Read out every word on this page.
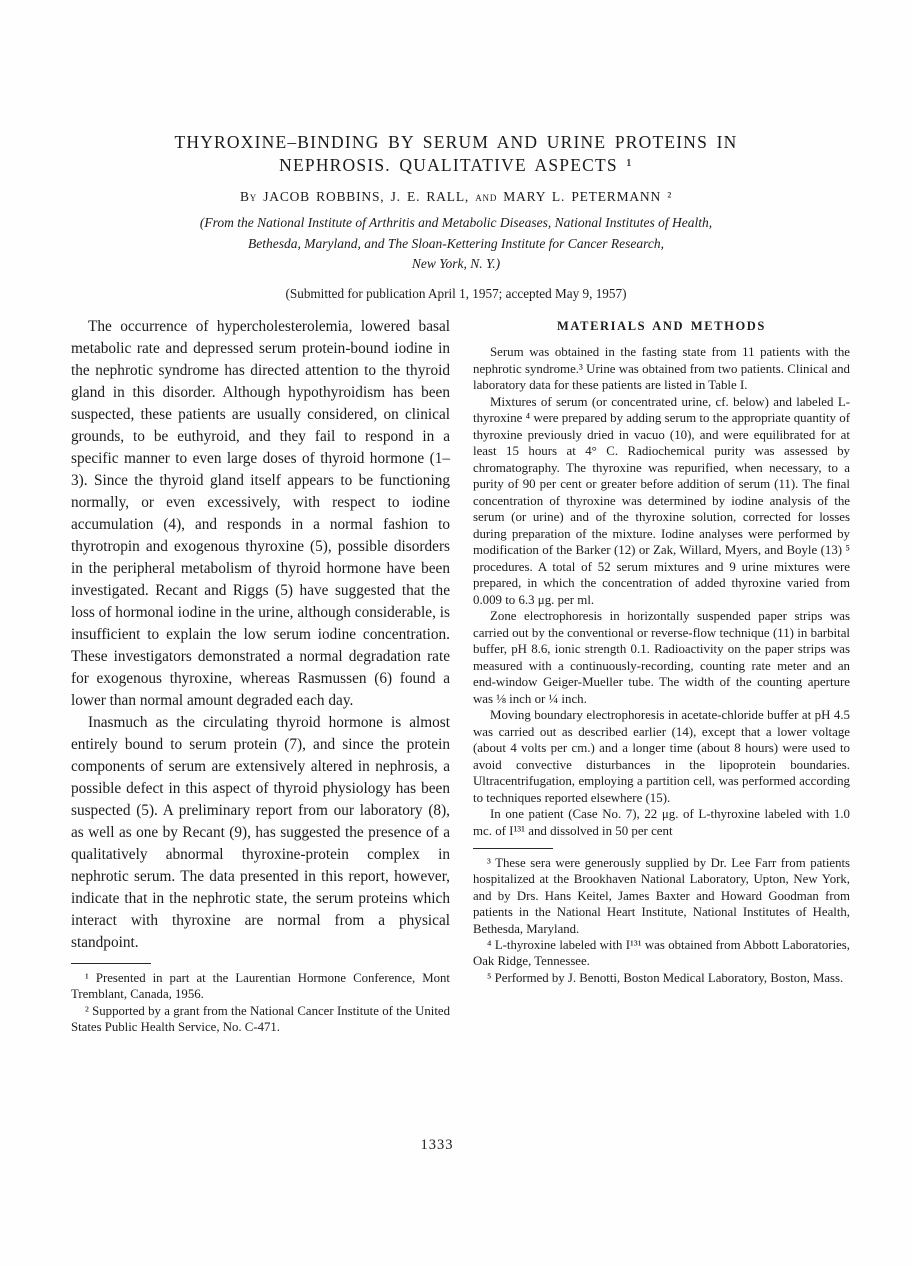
THYROXINE–BINDING BY SERUM AND URINE PROTEINS IN
NEPHROSIS. QUALITATIVE ASPECTS ¹
By JACOB ROBBINS, J. E. RALL, and MARY L. PETERMANN ²
(From the National Institute of Arthritis and Metabolic Diseases, National Institutes of Health,
Bethesda, Maryland, and The Sloan-Kettering Institute for Cancer Research,
New York, N. Y.)
(Submitted for publication April 1, 1957; accepted May 9, 1957)

The occurrence of hypercholesterolemia, lowered basal metabolic rate and depressed serum protein-bound iodine in the nephrotic syndrome has directed attention to the thyroid gland in this disorder. Although hypothyroidism has been suspected, these patients are usually considered, on clinical grounds, to be euthyroid, and they fail to respond in a specific manner to even large doses of thyroid hormone (1–3). Since the thyroid gland itself appears to be functioning normally, or even excessively, with respect to iodine accumulation (4), and responds in a normal fashion to thyrotropin and exogenous thyroxine (5), possible disorders in the peripheral metabolism of thyroid hormone have been investigated. Recant and Riggs (5) have suggested that the loss of hormonal iodine in the urine, although considerable, is insufficient to explain the low serum iodine concentration. These investigators demonstrated a normal degradation rate for exogenous thyroxine, whereas Rasmussen (6) found a lower than normal amount degraded each day.

Inasmuch as the circulating thyroid hormone is almost entirely bound to serum protein (7), and since the protein components of serum are extensively altered in nephrosis, a possible defect in this aspect of thyroid physiology has been suspected (5). A preliminary report from our laboratory (8), as well as one by Recant (9), has suggested the presence of a qualitatively abnormal thyroxine-protein complex in nephrotic serum. The data presented in this report, however, indicate that in the nephrotic state, the serum proteins which interact with thyroxine are normal from a physical standpoint.

¹ Presented in part at the Laurentian Hormone Conference, Mont Tremblant, Canada, 1956.

² Supported by a grant from the National Cancer Institute of the United States Public Health Service, No. C-471.

MATERIALS AND METHODS

Serum was obtained in the fasting state from 11 patients with the nephrotic syndrome.³ Urine was obtained from two patients. Clinical and laboratory data for these patients are listed in Table I.

Mixtures of serum (or concentrated urine, cf. below) and labeled L-thyroxine ⁴ were prepared by adding serum to the appropriate quantity of thyroxine previously dried in vacuo (10), and were equilibrated for at least 15 hours at 4° C. Radiochemical purity was assessed by chromatography. The thyroxine was repurified, when necessary, to a purity of 90 per cent or greater before addition of serum (11). The final concentration of thyroxine was determined by iodine analysis of the serum (or urine) and of the thyroxine solution, corrected for losses during preparation of the mixture. Iodine analyses were performed by modification of the Barker (12) or Zak, Willard, Myers, and Boyle (13) ⁵ procedures. A total of 52 serum mixtures and 9 urine mixtures were prepared, in which the concentration of added thyroxine varied from 0.009 to 6.3 μg. per ml.

Zone electrophoresis in horizontally suspended paper strips was carried out by the conventional or reverse-flow technique (11) in barbital buffer, pH 8.6, ionic strength 0.1. Radioactivity on the paper strips was measured with a continuously-recording, counting rate meter and an end-window Geiger-Mueller tube. The width of the counting aperture was ⅛ inch or ¼ inch.

Moving boundary electrophoresis in acetate-chloride buffer at pH 4.5 was carried out as described earlier (14), except that a lower voltage (about 4 volts per cm.) and a longer time (about 8 hours) were used to avoid convective disturbances in the lipoprotein boundaries. Ultracentrifugation, employing a partition cell, was performed according to techniques reported elsewhere (15).

In one patient (Case No. 7), 22 μg. of L-thyroxine labeled with 1.0 mc. of I¹³¹ and dissolved in 50 per cent

³ These sera were generously supplied by Dr. Lee Farr from patients hospitalized at the Brookhaven National Laboratory, Upton, New York, and by Drs. Hans Keitel, James Baxter and Howard Goodman from patients in the National Heart Institute, National Institutes of Health, Bethesda, Maryland.

⁴ L-thyroxine labeled with I¹³¹ was obtained from Abbott Laboratories, Oak Ridge, Tennessee.

⁵ Performed by J. Benotti, Boston Medical Laboratory, Boston, Mass.

1333
